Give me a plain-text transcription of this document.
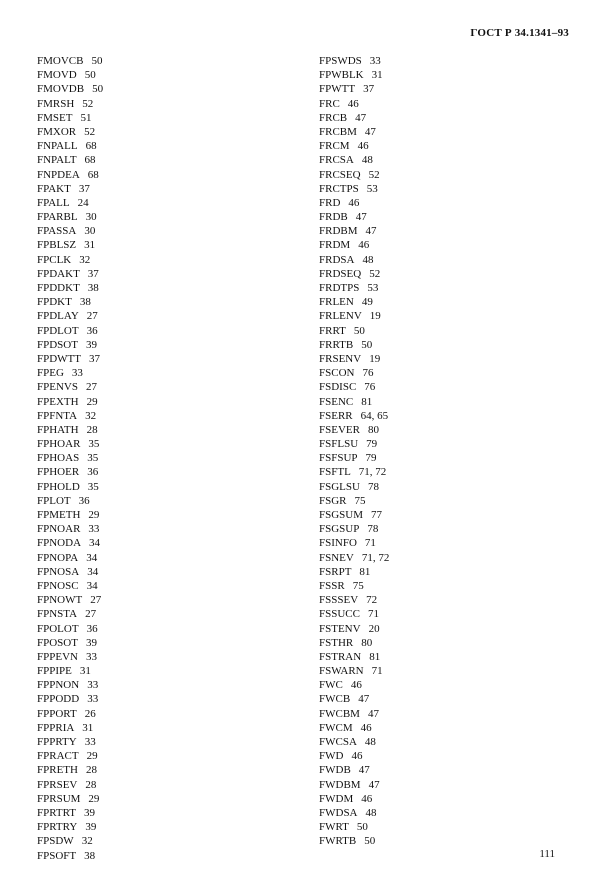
ГОСТ Р 34.1341–93
FMOVCB 50
FMOVD 50
FMOVDB 50
FMRSH 52
FMSET 51
FMXOR 52
FNPALL 68
FNPALT 68
FNPDEA 68
FPAKT 37
FPALL 24
FPARBL 30
FPASSA 30
FPBLSZ 31
FPCLK 32
FPDAKT 37
FPDDKT 38
FPDKT 38
FPDLAY 27
FPDLOT 36
FPDSOT 39
FPDWTT 37
FPEG 33
FPENVS 27
FPEXTH 29
FPFNTA 32
FPHATH 28
FPHOAR 35
FPHOAS 35
FPHOER 36
FPHOLD 35
FPLOT 36
FPMETH 29
FPNOAR 33
FPNODA 34
FPNOPA 34
FPNOSA 34
FPNOSC 34
FPNOWT 27
FPNSTA 27
FPOLOT 36
FPOSOT 39
FPPEVN 33
FPPIPE 31
FPPNON 33
FPPODD 33
FPPORT 26
FPPRIA 31
FPPRTY 33
FPRACT 29
FPRETH 28
FPRSEV 28
FPRSUM 29
FPRTRT 39
FPRTRY 39
FPSDW 32
FPSOFT 38
FPSWDS 33
FPWBLK 31
FPWTT 37
FRC 46
FRCB 47
FRCBM 47
FRCM 46
FRCSA 48
FRCSEQ 52
FRCTPS 53
FRD 46
FRDB 47
FRDBM 47
FRDM 46
FRDSA 48
FRDSEQ 52
FRDTPS 53
FRLEN 49
FRLENV 19
FRRT 50
FRRTB 50
FRSENV 19
FSCON 76
FSDISC 76
FSENC 81
FSERR 64, 65
FSEVER 80
FSFLSU 79
FSFSUP 79
FSFTL 71, 72
FSGLSU 78
FSGR 75
FSGSUM 77
FSGSUP 78
FSINFO 71
FSNEV 71, 72
FSRPT 81
FSSR 75
FSSSEV 72
FSSUCC 71
FSTENV 20
FSTHR 80
FSTRAN 81
FSWARN 71
FWC 46
FWCB 47
FWCBM 47
FWCM 46
FWCSA 48
FWD 46
FWDB 47
FWDBM 47
FWDM 46
FWDSA 48
FWRT 50
FWRTB 50
111
